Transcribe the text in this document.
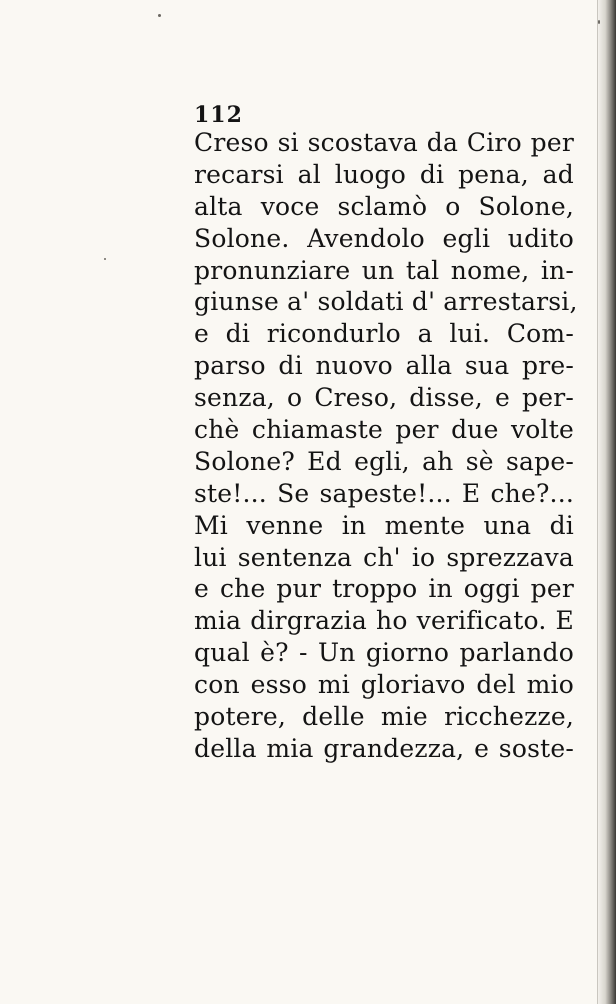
112
Creso si scostava da Ciro per
recarsi al luogo di pena, ad
alta voce sclamò o Solone,
Solone. Avendolo egli udito
pronunziare un tal nome, in-
giunse a' soldati d' arrestarsi,
e di ricondurlo a lui. Com-
parso di nuovo alla sua pre-
senza, o Creso, disse, e per-
chè chiamaste per due volte
Solone? Ed egli, ah sè sape-
ste!... Se sapeste!... E che?...
Mi venne in mente una di
lui sentenza ch' io sprezzava
e che pur troppo in oggi per
mia dirgrazia ho verificato. E
qual è? - Un giorno parlando
con esso mi gloriavo del mio
potere, delle mie ricchezze,
della mia grandezza, e soste-
